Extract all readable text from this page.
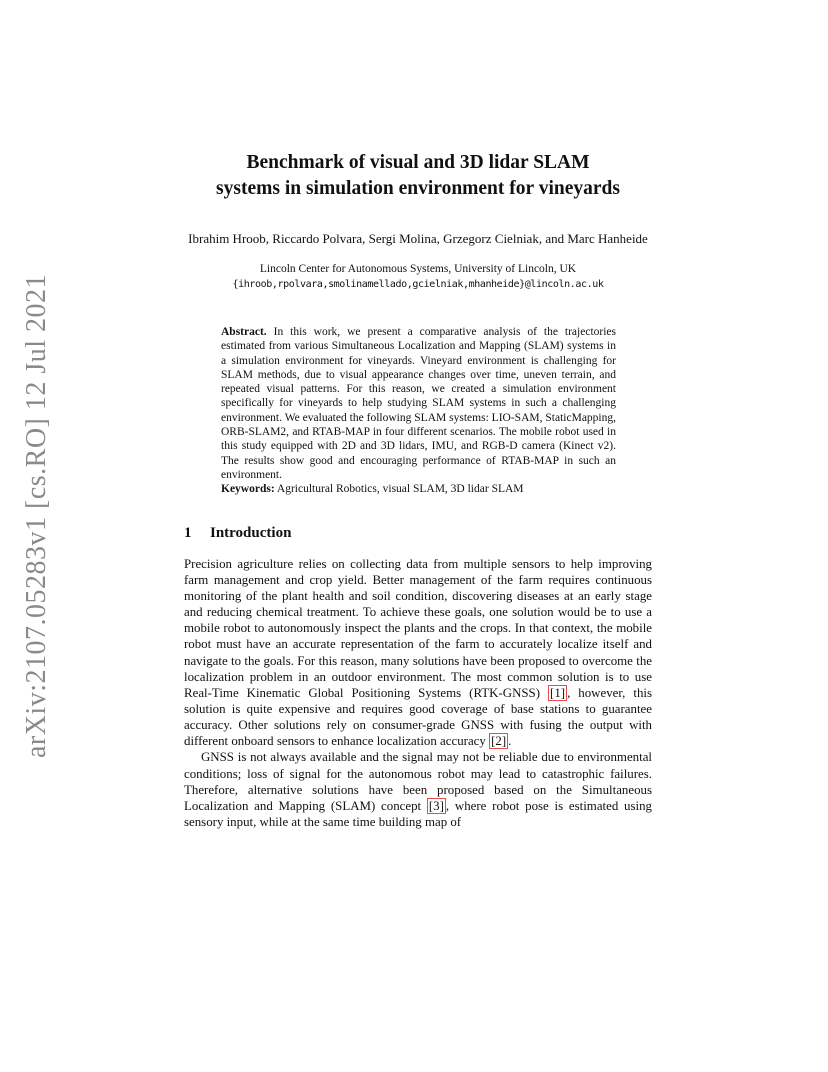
arXiv:2107.05283v1 [cs.RO] 12 Jul 2021
Benchmark of visual and 3D lidar SLAM
systems in simulation environment for vineyards
Ibrahim Hroob, Riccardo Polvara, Sergi Molina, Grzegorz Cielniak, and Marc Hanheide
Lincoln Center for Autonomous Systems, University of Lincoln, UK
{ihroob,rpolvara,smolinamellado,gcielniak,mhanheide}@lincoln.ac.uk

Abstract. In this work, we present a comparative analysis of the trajectories estimated from various Simultaneous Localization and Mapping (SLAM) systems in a simulation environment for vineyards. Vineyard environment is challenging for SLAM methods, due to visual appearance changes over time, uneven terrain, and repeated visual patterns. For this reason, we created a simulation environment specifically for vineyards to help studying SLAM systems in such a challenging environment. We evaluated the following SLAM systems: LIO-SAM, StaticMapping, ORB-SLAM2, and RTAB-MAP in four different scenarios. The mobile robot used in this study equipped with 2D and 3D lidars, IMU, and RGB-D camera (Kinect v2). The results show good and encouraging performance of RTAB-MAP in such an environment.

Keywords: Agricultural Robotics, visual SLAM, 3D lidar SLAM

1 Introduction

Precision agriculture relies on collecting data from multiple sensors to help improving farm management and crop yield. Better management of the farm requires continuous monitoring of the plant health and soil condition, discovering diseases at an early stage and reducing chemical treatment. To achieve these goals, one solution would be to use a mobile robot to autonomously inspect the plants and the crops. In that context, the mobile robot must have an accurate representation of the farm to accurately localize itself and navigate to the goals. For this reason, many solutions have been proposed to overcome the localization problem in an outdoor environment. The most common solution is to use Real-Time Kinematic Global Positioning Systems (RTK-GNSS) [1] , however, this solution is quite expensive and requires good coverage of base stations to guarantee accuracy. Other solutions rely on consumer-grade GNSS with fusing the output with different onboard sensors to enhance localization accuracy [2] .

GNSS is not always available and the signal may not be reliable due to environmental conditions; loss of signal for the autonomous robot may lead to catastrophic failures. Therefore, alternative solutions have been proposed based on the Simultaneous Localization and Mapping (SLAM) concept [3] , where robot pose is estimated using sensory input, while at the same time building map of
